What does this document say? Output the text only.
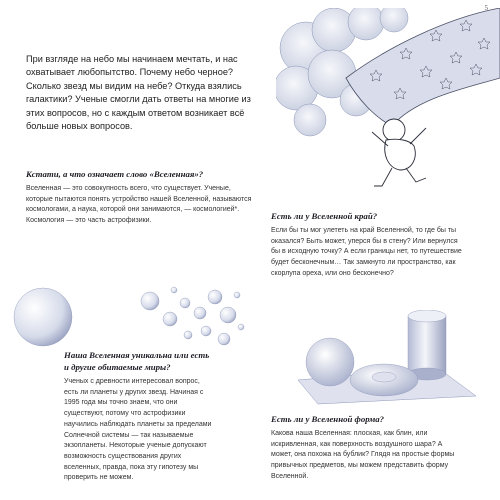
5
При взгляде на небо мы начинаем мечтать, и нас охватывает любопытство. Почему небо черное? Сколько звезд мы видим на небе? Откуда взялись галактики? Ученые смогли дать ответы на многие из этих вопросов, но с каждым ответом возникает всё больше новых вопросов.
Кстати, а что означает слово «Вселенная»?

Вселенная — это совокупность всего, что существует. Ученые, которые пытаются понять устройство нашей Вселенной, называются космологами, а наука, которой они занимаются, — космологией*. Космология — это часть астрофизики.	Есть ли у Вселенной край?

Если бы ты мог улететь на край Вселенной, то где бы ты оказался? Быть может, уперся бы в стену? Или вернулся бы в исходную точку? А если границы нет, то путешествие будет бесконечным… Так замкнуто ли пространство, как скорлупа ореха, или оно бесконечно?

Наша Вселенная уникальна или есть и другие обитаемые миры?

Ученых с древности интересовал вопрос, есть ли планеты у других звезд. Начиная с 1995 года мы точно знаем, что они существуют, потому что астрофизики научились наблюдать планеты за пределами Солнечной системы — так называемые экзопланеты. Некоторые ученые допускают возможность существования других вселенных, правда, пока эту гипотезу мы проверить не можем.

Есть ли у Вселенной форма?

Какова наша Вселенная: плоская, как блин, или искривленная, как поверхность воздушного шара? А может, она похожа на бублик? Глядя на простые формы привычных предметов, мы можем представить форму Вселенной.
